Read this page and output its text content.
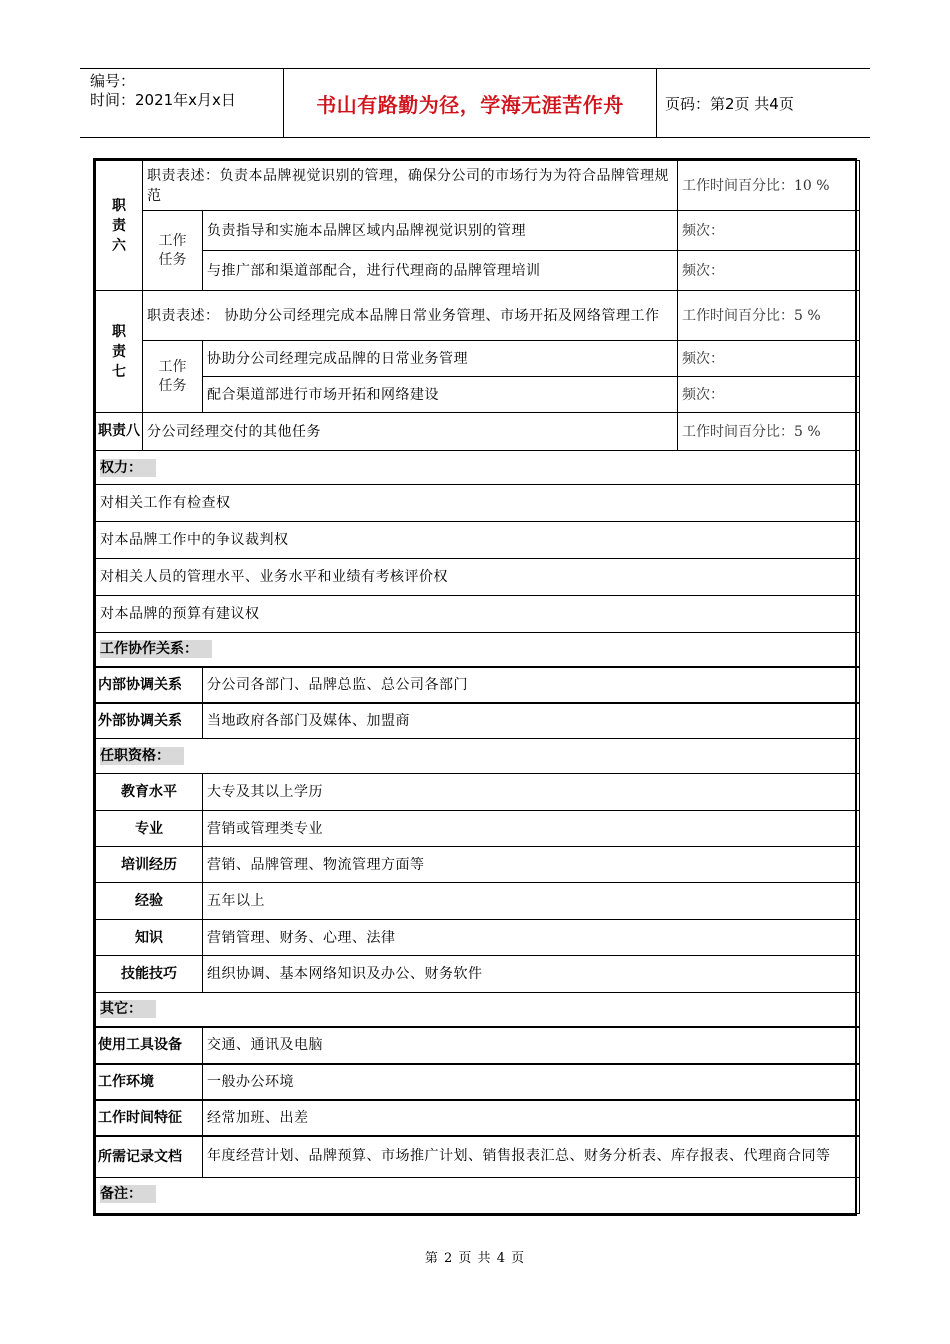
编号：
时间：2021年x月x日	书山有路勤为径，学海无涯苦作舟	页码：第2页 共4页
职责六	职责表述：负责本品牌视觉识别的管理，确保分公司的市场行为为符合品牌管理规范		工作时间百分比：10 %
	工作任务	负责指导和实施本品牌区域内品牌视觉识别的管理	频次：
		与推广部和渠道部配合，进行代理商的品牌管理培训	频次：
职责七	职责表述： 协助分公司经理完成本品牌日常业务管理、市场开拓及网络管理工作		工作时间百分比：5 %
	工作任务	协助分公司经理完成品牌的日常业务管理	频次：
		配合渠道部进行市场开拓和网络建设	频次：
职责八	分公司经理交付的其他任务		工作时间百分比：5 %
权力：			
对相关工作有检查权			
对本品牌工作中的争议裁判权			
对相关人员的管理水平、业务水平和业绩有考核评价权			
对本品牌的预算有建议权			
工作协作关系：			
内部协调关系		分公司各部门、品牌总监、总公司各部门	
外部协调关系		当地政府各部门及媒体、加盟商	
任职资格：			
教育水平		大专及其以上学历	
专业		营销或管理类专业	
培训经历		营销、品牌管理、物流管理方面等	
经验		五年以上	
知识		营销管理、财务、心理、法律	
技能技巧		组织协调、基本网络知识及办公、财务软件	
其它：			
使用工具设备		交通、通讯及电脑	
工作环境		一般办公环境	
工作时间特征		经常加班、出差	
所需记录文档		年度经营计划、品牌预算、市场推广计划、销售报表汇总、财务分析表、库存报表、代理商合同等	
备注：			
第 2 页 共 4 页
